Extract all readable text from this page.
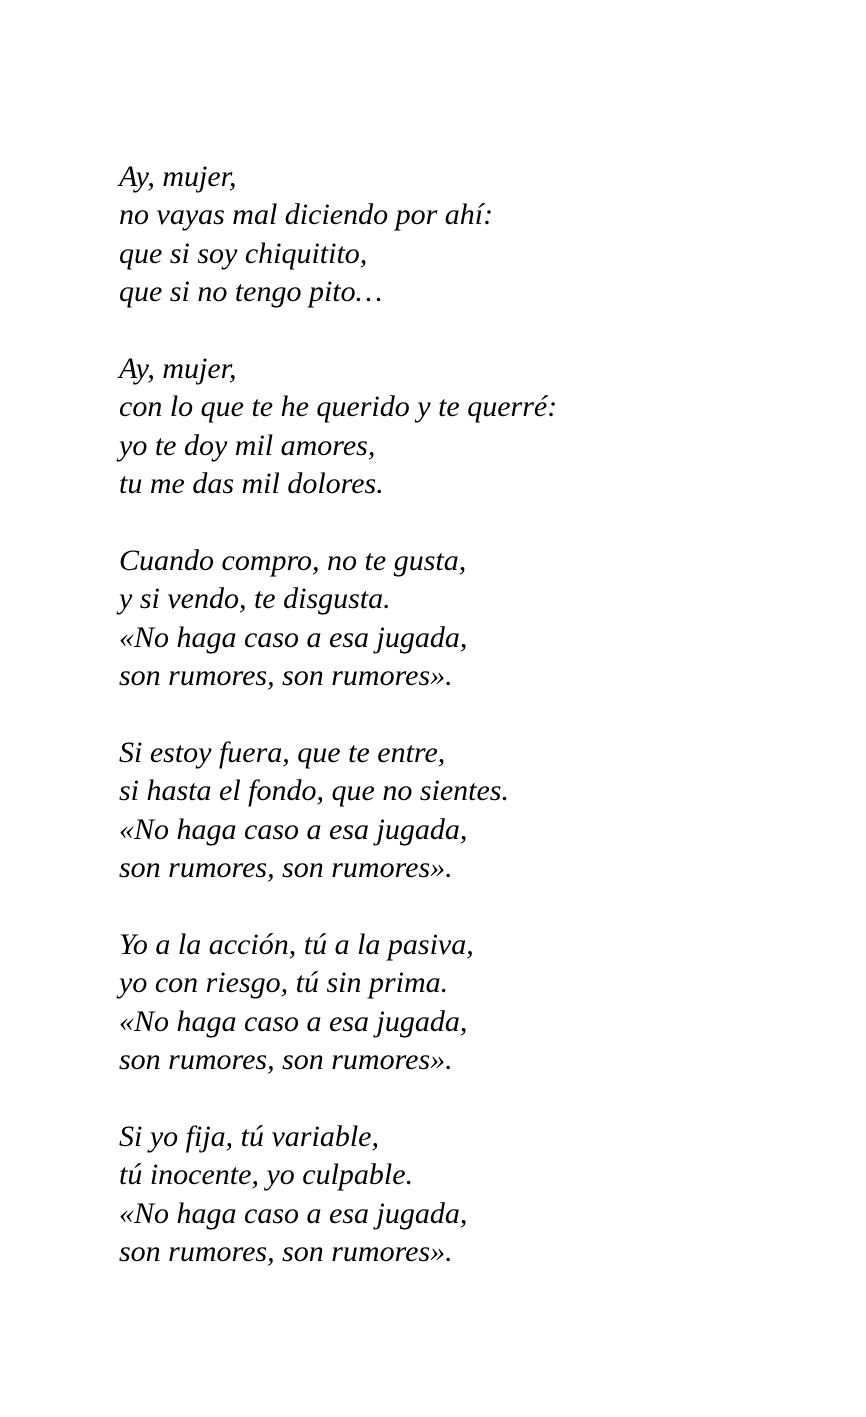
Ay, mujer,
no vayas mal diciendo por ahí:
que si soy chiquitito,
que si no tengo pito…
Ay, mujer,
con lo que te he querido y te querré:
yo te doy mil amores,
tu me das mil dolores.
Cuando compro, no te gusta,
y si vendo, te disgusta.
«No haga caso a esa jugada,
son rumores, son rumores».
Si estoy fuera, que te entre,
si hasta el fondo, que no sientes.
«No haga caso a esa jugada,
son rumores, son rumores».
Yo a la acción, tú a la pasiva,
yo con riesgo, tú sin prima.
«No haga caso a esa jugada,
son rumores, son rumores».
Si yo fija, tú variable,
tú inocente, yo culpable.
«No haga caso a esa jugada,
son rumores, son rumores».
